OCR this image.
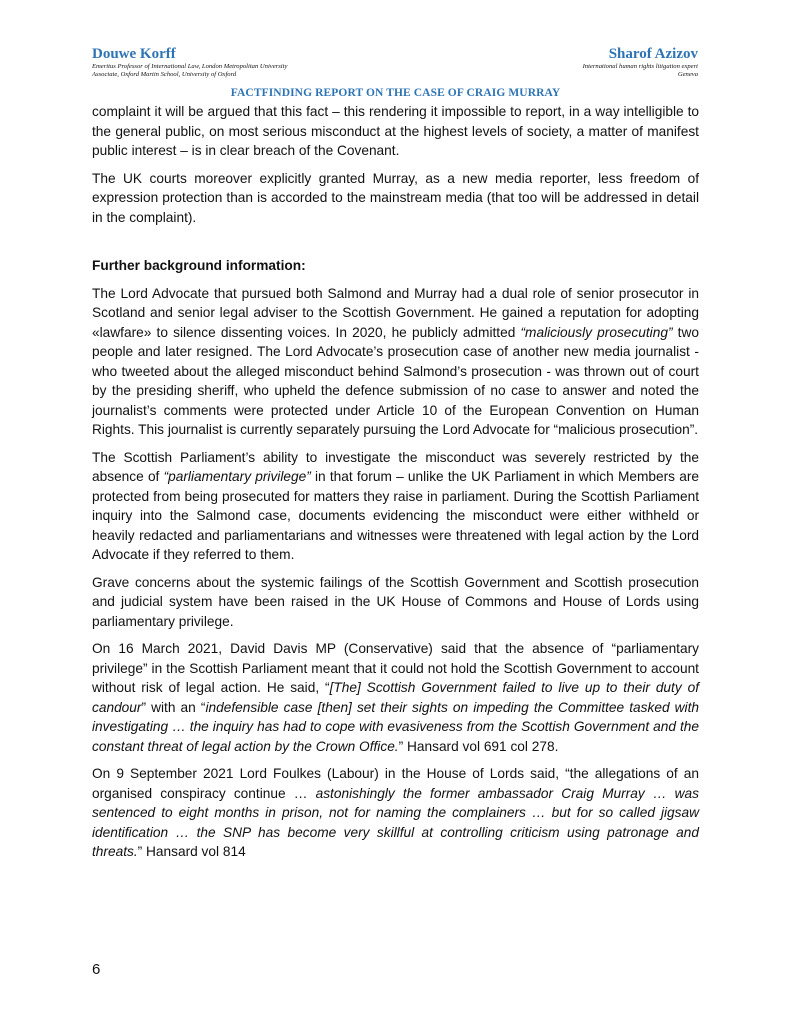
Douwe Korff
Emeritus Professor of International Law, London Metropolitan University
Associate, Oxford Martin School, University of Oxford
Sharof Azizov
International human rights litigation expert
Geneva
FACTFINDING REPORT ON THE CASE OF CRAIG MURRAY

complaint it will be argued that this fact – this rendering it impossible to report, in a way intelligible to the general public, on most serious misconduct at the highest levels of society, a matter of manifest public interest – is in clear breach of the Covenant.

The UK courts moreover explicitly granted Murray, as a new media reporter, less freedom of expression protection than is accorded to the mainstream media (that too will be addressed in detail in the complaint).

Further background information:

The Lord Advocate that pursued both Salmond and Murray had a dual role of senior prosecutor in Scotland and senior legal adviser to the Scottish Government. He gained a reputation for adopting «lawfare» to silence dissenting voices. In 2020, he publicly admitted “maliciously prosecuting” two people and later resigned. The Lord Advocate’s prosecution case of another new media journalist - who tweeted about the alleged misconduct behind Salmond’s prosecution - was thrown out of court by the presiding sheriff, who upheld the defence submission of no case to answer and noted the journalist’s comments were protected under Article 10 of the European Convention on Human Rights. This journalist is currently separately pursuing the Lord Advocate for “malicious prosecution”.

The Scottish Parliament’s ability to investigate the misconduct was severely restricted by the absence of “parliamentary privilege” in that forum – unlike the UK Parliament in which Members are protected from being prosecuted for matters they raise in parliament. During the Scottish Parliament inquiry into the Salmond case, documents evidencing the misconduct were either withheld or heavily redacted and parliamentarians and witnesses were threatened with legal action by the Lord Advocate if they referred to them.

Grave concerns about the systemic failings of the Scottish Government and Scottish prosecution and judicial system have been raised in the UK House of Commons and House of Lords using parliamentary privilege.

On 16 March 2021, David Davis MP (Conservative) said that the absence of “parliamentary privilege” in the Scottish Parliament meant that it could not hold the Scottish Government to account without risk of legal action. He said, “[The] Scottish Government failed to live up to their duty of candour” with an “indefensible case [then] set their sights on impeding the Committee tasked with investigating … the inquiry has had to cope with evasiveness from the Scottish Government and the constant threat of legal action by the Crown Office.” Hansard vol 691 col 278.

On 9 September 2021 Lord Foulkes (Labour) in the House of Lords said, “the allegations of an organised conspiracy continue … astonishingly the former ambassador Craig Murray … was sentenced to eight months in prison, not for naming the complainers … but for so called jigsaw identification … the SNP has become very skillful at controlling criticism using patronage and threats.” Hansard vol 814

6
